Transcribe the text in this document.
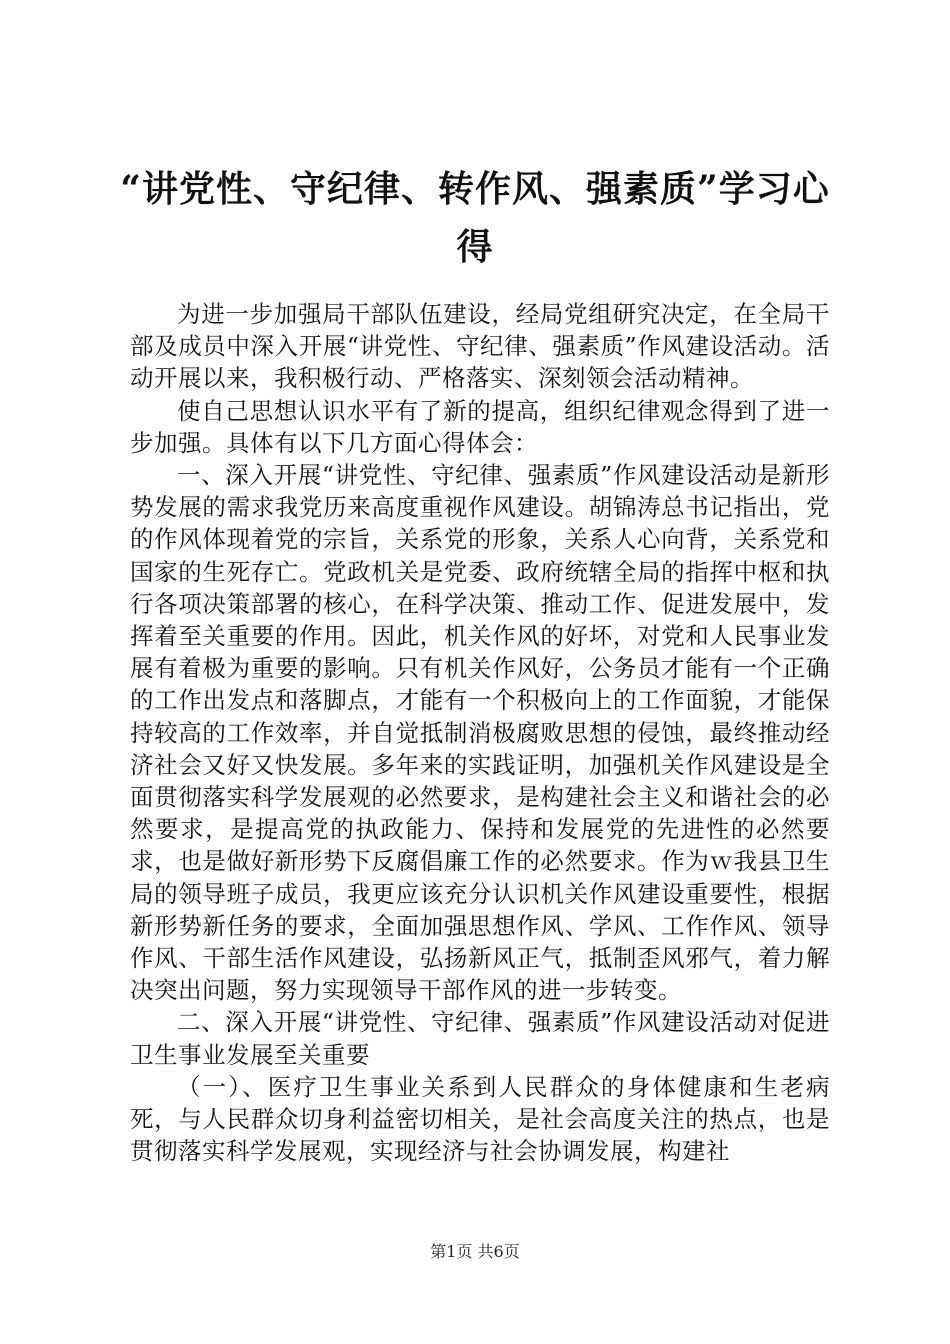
“讲党性、守纪律、转作风、强素质”学习心得

为进一步加强局干部队伍建设，经局党组研究决定，在全局干部及成员中深入开展“讲党性、守纪律、强素质”作风建设活动。活动开展以来，我积极行动、严格落实、深刻领会活动精神。

使自己思想认识水平有了新的提高，组织纪律观念得到了进一步加强。具体有以下几方面心得体会：

一、深入开展“讲党性、守纪律、强素质”作风建设活动是新形势发展的需求我党历来高度重视作风建设。胡锦涛总书记指出，党的作风体现着党的宗旨，关系党的形象，关系人心向背，关系党和国家的生死存亡。党政机关是党委、政府统辖全局的指挥中枢和执行各项决策部署的核心，在科学决策、推动工作、促进发展中，发挥着至关重要的作用。因此，机关作风的好坏，对党和人民事业发展有着极为重要的影响。只有机关作风好，公务员才能有一个正确的工作出发点和落脚点，才能有一个积极向上的工作面貌，才能保持较高的工作效率，并自觉抵制消极腐败思想的侵蚀，最终推动经济社会又好又快发展。多年来的实践证明，加强机关作风建设是全面贯彻落实科学发展观的必然要求，是构建社会主义和谐社会的必然要求，是提高党的执政能力、保持和发展党的先进性的必然要求，也是做好新形势下反腐倡廉工作的必然要求。作为ｗ我县卫生局的领导班子成员，我更应该充分认识机关作风建设重要性，根据新形势新任务的要求，全面加强思想作风、学风、工作作风、领导作风、干部生活作风建设，弘扬新风正气，抵制歪风邪气，着力解决突出问题，努力实现领导干部作风的进一步转变。

二、深入开展“讲党性、守纪律、强素质”作风建设活动对促进卫生事业发展至关重要

（一）、医疗卫生事业关系到人民群众的身体健康和生老病死，与人民群众切身利益密切相关，是社会高度关注的热点，也是贯彻落实科学发展观，实现经济与社会协调发展，构建社

第1页 共6页
